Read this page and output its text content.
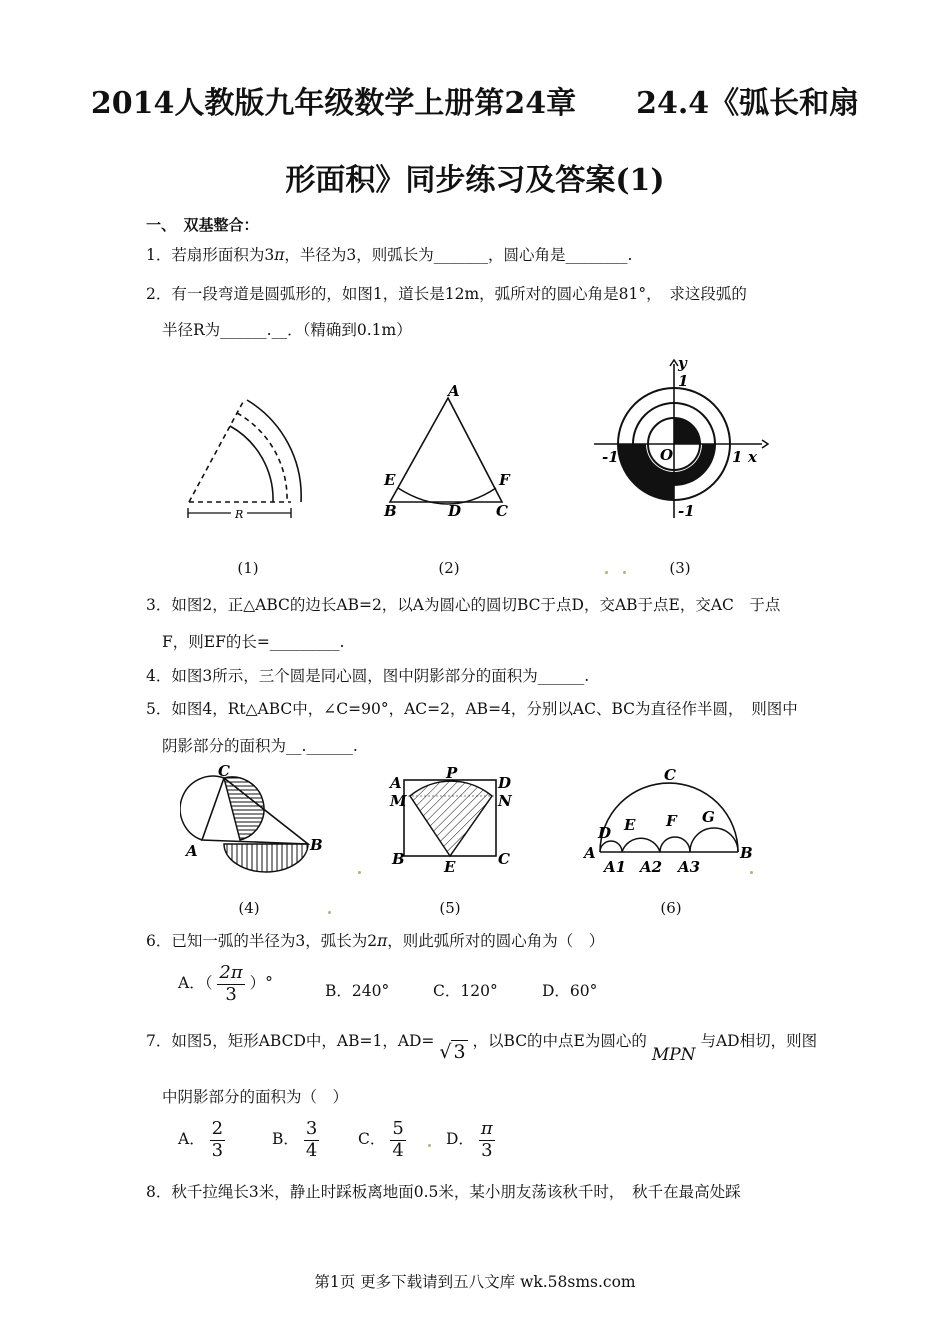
2014人教版九年级数学上册第24章　　24.4《弧长和扇
形面积》同步练习及答案(1)
一、　双基整合：
1．若扇形面积为3π，半径为3，则弧长为_______，圆心角是________.
2．有一段弯道是圆弧形的，如图1，道长是12m，弧所对的圆心角是81°，　求这段弧的
半径R为______.__．（精确到0.1m）
R
(1)
A
E	F
B	D C
(2)
y
1
-1	O	1 x
-1
(3)
3．如图2，正△ABC的边长AB=2，以A为圆心的圆切BC于点D，交AB于点E，交AC　于点
F，则EF的长=_________.
4．如图3所示，三个圆是同心圆，图中阴影部分的面积为______.
5．如图4，Rt△ABC中，∠C=90°，AC=2，AB=4，分别以AC、BC为直径作半圆，　则图中
阴影部分的面积为__.______.
C
A	B
(4)
A
P
D
M	N
B	E	C
(5)
C
D E F G
A	B
A1 A2 A3
(6)
6．已知一弧的半径为3，弧长为2π，则此弧所对的圆心角为（　）
A．（ $\frac{2\pi}{3}$ ）°	B．240°	C．120°	D．60°
7．如图5，矩形ABCD中，AB=1，AD= √ 3 ，以BC的中点E为圆心的 MPN 与AD相切，则图
中阴影部分的面积为（　）
A． $\frac{2}{3}$	B． $\frac{3}{4}$ C． $\frac{5}{4}$	D． $\frac{\pi}{3}$
8．秋千拉绳长3米，静止时踩板离地面0.5米，某小朋友荡该秋千时，　秋千在最高处踩
第1页 更多下载请到五八文库 wk.58sms.com
